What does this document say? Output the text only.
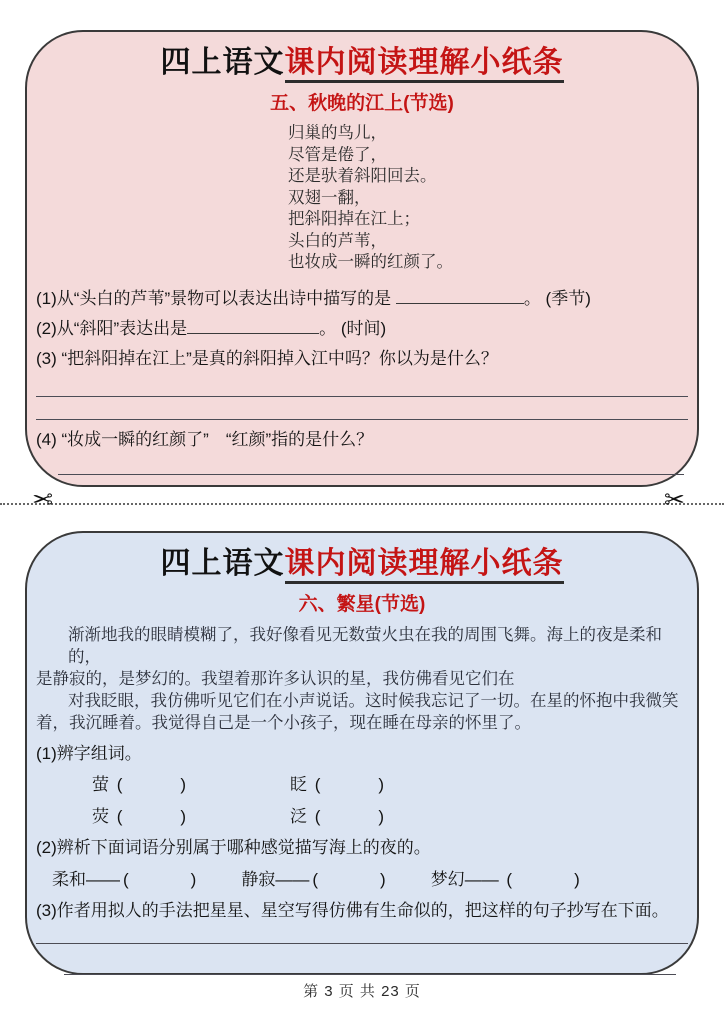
四上语文课内阅读理解小纸条
五、秋晚的江上(节选)
归巢的鸟儿，
尽管是倦了，
还是驮着斜阳回去。
双翅一翻，
把斜阳掉在江上；
头白的芦苇，
也妆成一瞬的红颜了。
(1)从“头白的芦苇”景物可以表达出诗中描写的是	。 (季节)
(2)从“斜阳”表达出是	。 (时间)
(3) “把斜阳掉在江上”是真的斜阳掉入江中吗？你以为是什么？
(4) “妆成一瞬的红颜了”　“红颜”指的是什么？
✂	✂
四上语文课内阅读理解小纸条
六、繁星(节选)
渐渐地我的眼睛模糊了，我好像看见无数萤火虫在我的周围飞舞。海上的夜是柔和的，
是静寂的，是梦幻的。我望着那许多认识的星，我仿佛看见它们在
对我眨眼，我仿佛听见它们在小声说话。这时候我忘记了一切。在星的怀抱中我微笑
着，我沉睡着。我觉得自己是一个小孩子，现在睡在母亲的怀里了。
(1)辨字组词。
萤 (	)	眨 (	)
荧 (	)	泛 (	)
(2)辨析下面词语分别属于哪种感觉描写海上的夜的。
柔和—— (	)	静寂—— (	)	梦幻—— (	)
(3)作者用拟人的手法把星星、星空写得仿佛有生命似的，把这样的句子抄写在下面。
第 3 页 共 23 页
